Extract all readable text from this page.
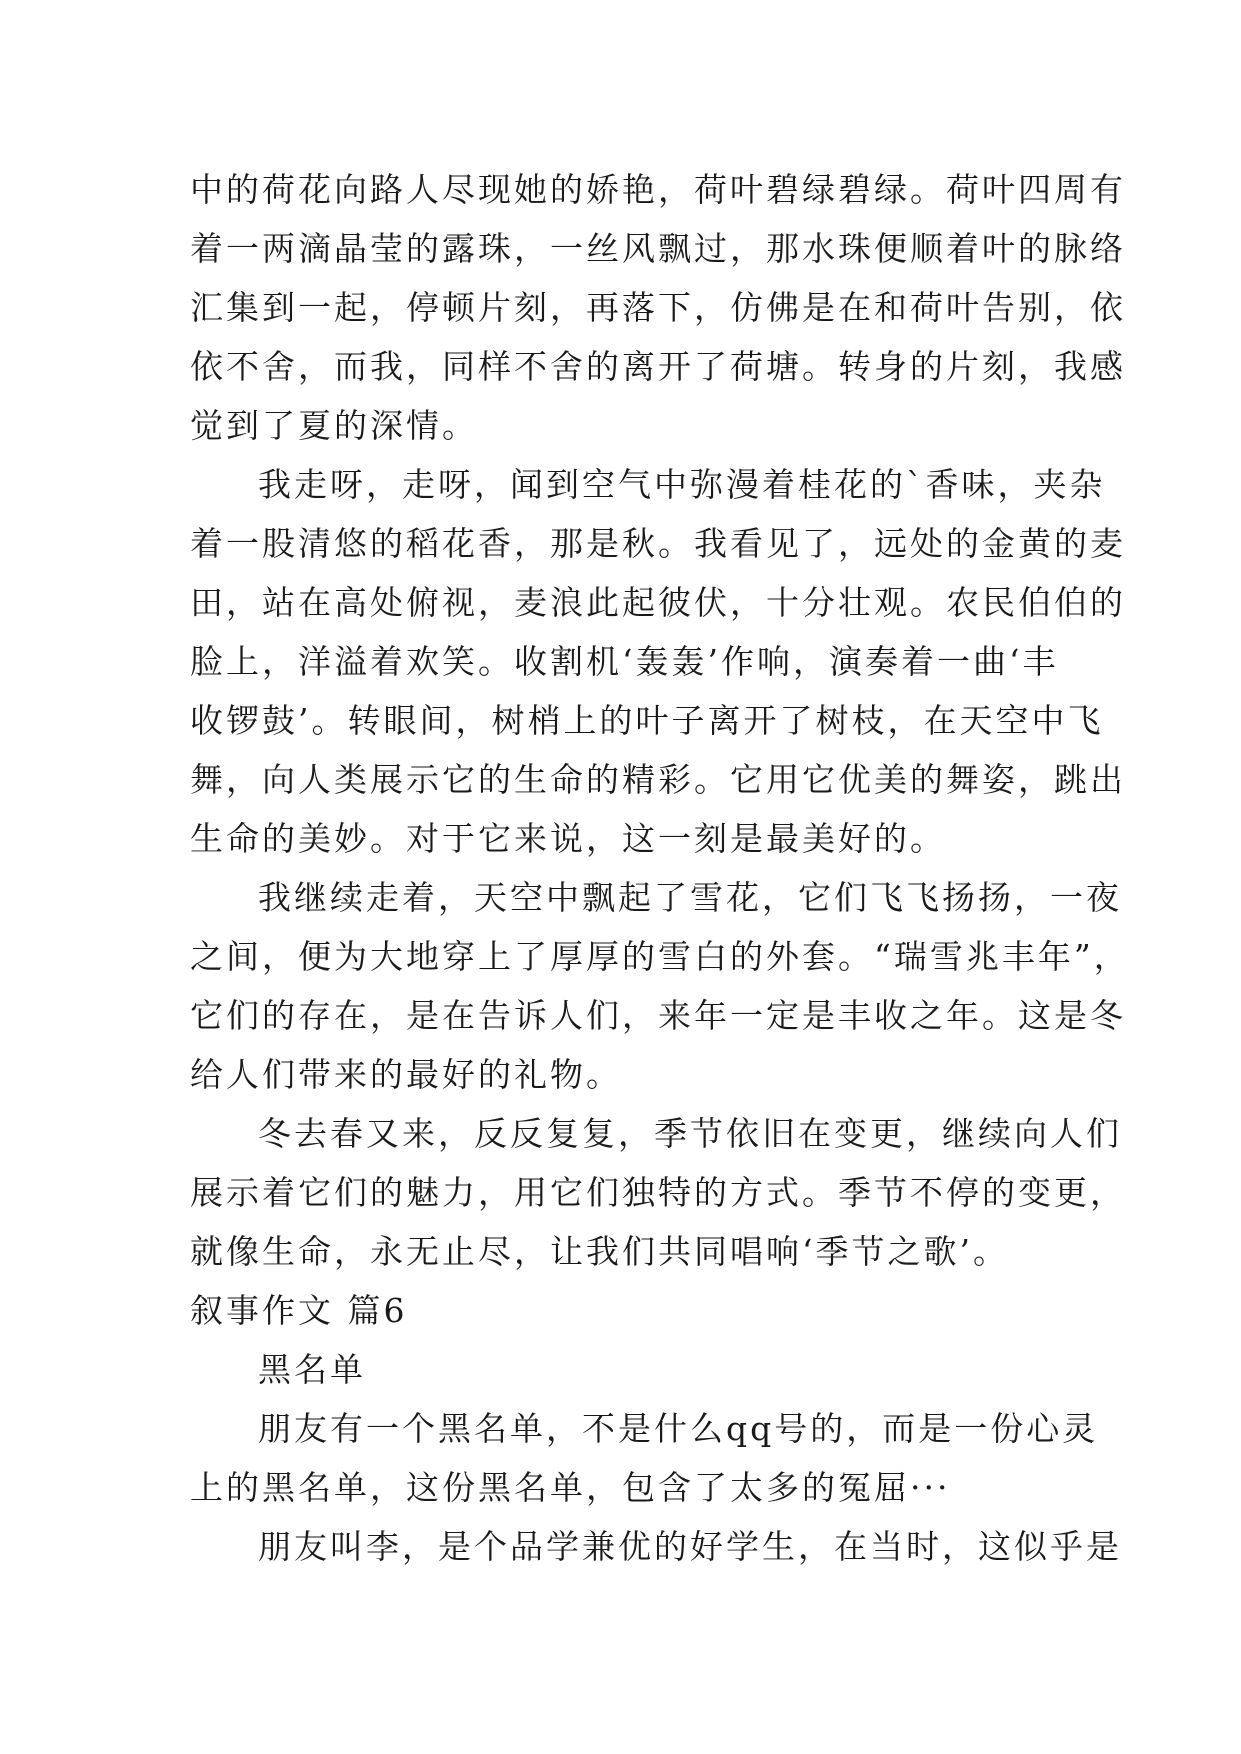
中的荷花向路人尽现她的娇艳，荷叶碧绿碧绿。荷叶四周有
着一两滴晶莹的露珠，一丝风飘过，那水珠便顺着叶的脉络
汇集到一起，停顿片刻，再落下，仿佛是在和荷叶告别，依
依不舍，而我，同样不舍的离开了荷塘。转身的片刻，我感
觉到了夏的深情。
我走呀，走呀，闻到空气中弥漫着桂花的`香味，夹杂
着一股清悠的稻花香，那是秋。我看见了，远处的金黄的麦
田，站在高处俯视，麦浪此起彼伏，十分壮观。农民伯伯的
脸上，洋溢着欢笑。收割机‘轰轰’作响，演奏着一曲‘丰
收锣鼓’。转眼间，树梢上的叶子离开了树枝，在天空中飞
舞，向人类展示它的生命的精彩。它用它优美的舞姿，跳出
生命的美妙。对于它来说，这一刻是最美好的。
我继续走着，天空中飘起了雪花，它们飞飞扬扬，一夜
之间，便为大地穿上了厚厚的雪白的外套。“瑞雪兆丰年”，
它们的存在，是在告诉人们，来年一定是丰收之年。这是冬
给人们带来的最好的礼物。
冬去春又来，反反复复，季节依旧在变更，继续向人们
展示着它们的魅力，用它们独特的方式。季节不停的变更，
就像生命，永无止尽，让我们共同唱响‘季节之歌’。
叙事作文 篇6
黑名单
朋友有一个黑名单，不是什么qq号的，而是一份心灵
上的黑名单，这份黑名单，包含了太多的冤屈···
朋友叫李，是个品学兼优的好学生，在当时，这似乎是
